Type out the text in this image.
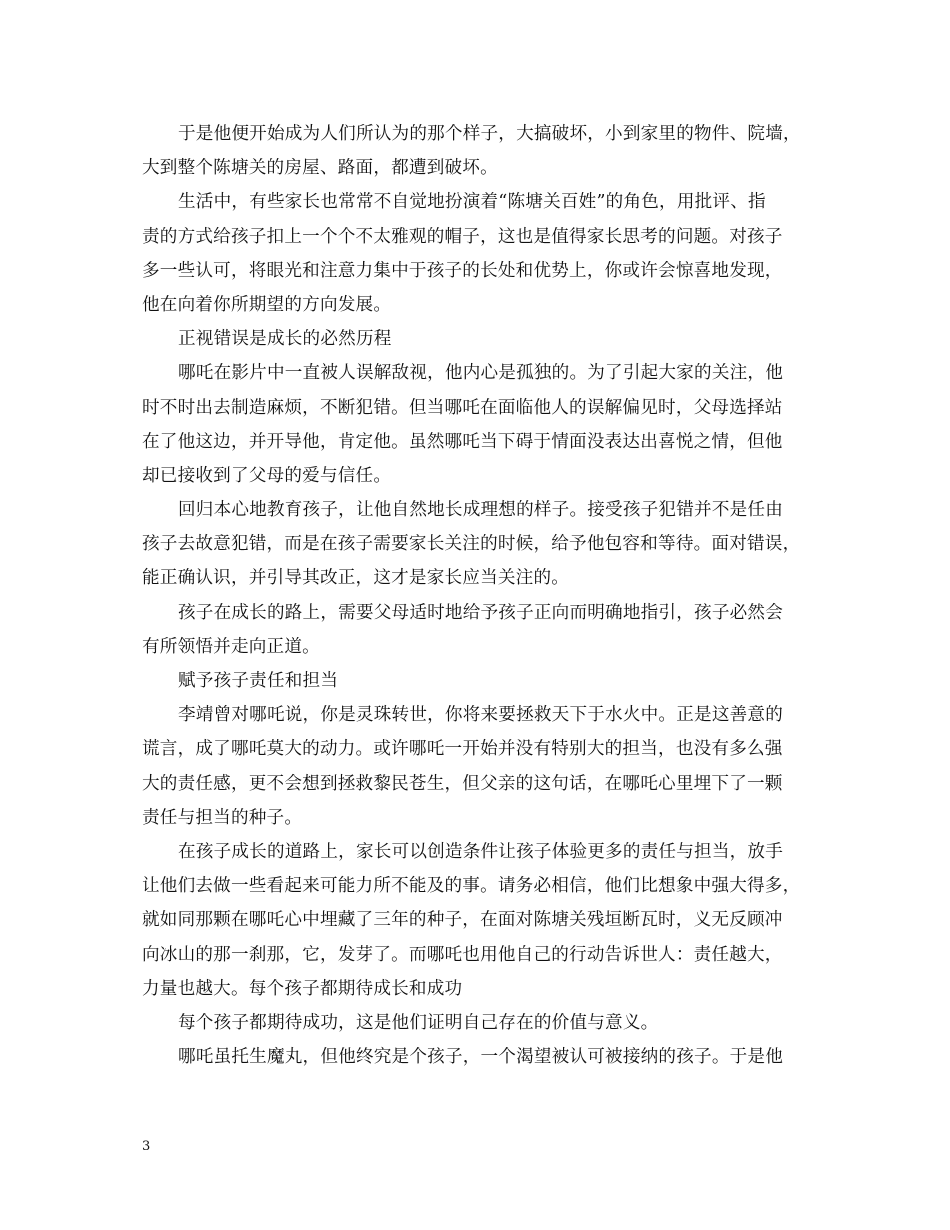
于是他便开始成为人们所认为的那个样子，大搞破坏，小到家里的物件、院墙，
大到整个陈塘关的房屋、路面，都遭到破坏。
生活中，有些家长也常常不自觉地扮演着“陈塘关百姓”的角色，用批评、指
责的方式给孩子扣上一个个不太雅观的帽子，这也是值得家长思考的问题。对孩子
多一些认可，将眼光和注意力集中于孩子的长处和优势上，你或许会惊喜地发现，
他在向着你所期望的方向发展。
正视错误是成长的必然历程
哪吒在影片中一直被人误解敌视，他内心是孤独的。为了引起大家的关注，他
时不时出去制造麻烦，不断犯错。但当哪吒在面临他人的误解偏见时，父母选择站
在了他这边，并开导他，肯定他。虽然哪吒当下碍于情面没表达出喜悦之情，但他
却已接收到了父母的爱与信任。
回归本心地教育孩子，让他自然地长成理想的样子。接受孩子犯错并不是任由
孩子去故意犯错，而是在孩子需要家长关注的时候，给予他包容和等待。面对错误，
能正确认识，并引导其改正，这才是家长应当关注的。
孩子在成长的路上，需要父母适时地给予孩子正向而明确地指引，孩子必然会
有所领悟并走向正道。
赋予孩子责任和担当
李靖曾对哪吒说，你是灵珠转世，你将来要拯救天下于水火中。正是这善意的
谎言，成了哪吒莫大的动力。或许哪吒一开始并没有特别大的担当，也没有多么强
大的责任感，更不会想到拯救黎民苍生，但父亲的这句话，在哪吒心里埋下了一颗
责任与担当的种子。
在孩子成长的道路上，家长可以创造条件让孩子体验更多的责任与担当，放手
让他们去做一些看起来可能力所不能及的事。请务必相信，他们比想象中强大得多，
就如同那颗在哪吒心中埋藏了三年的种子，在面对陈塘关残垣断瓦时，义无反顾冲
向冰山的那一刹那，它，发芽了。而哪吒也用他自己的行动告诉世人：责任越大，
力量也越大。每个孩子都期待成长和成功
每个孩子都期待成功，这是他们证明自己存在的价值与意义。
哪吒虽托生魔丸，但他终究是个孩子，一个渴望被认可被接纳的孩子。于是他
3
